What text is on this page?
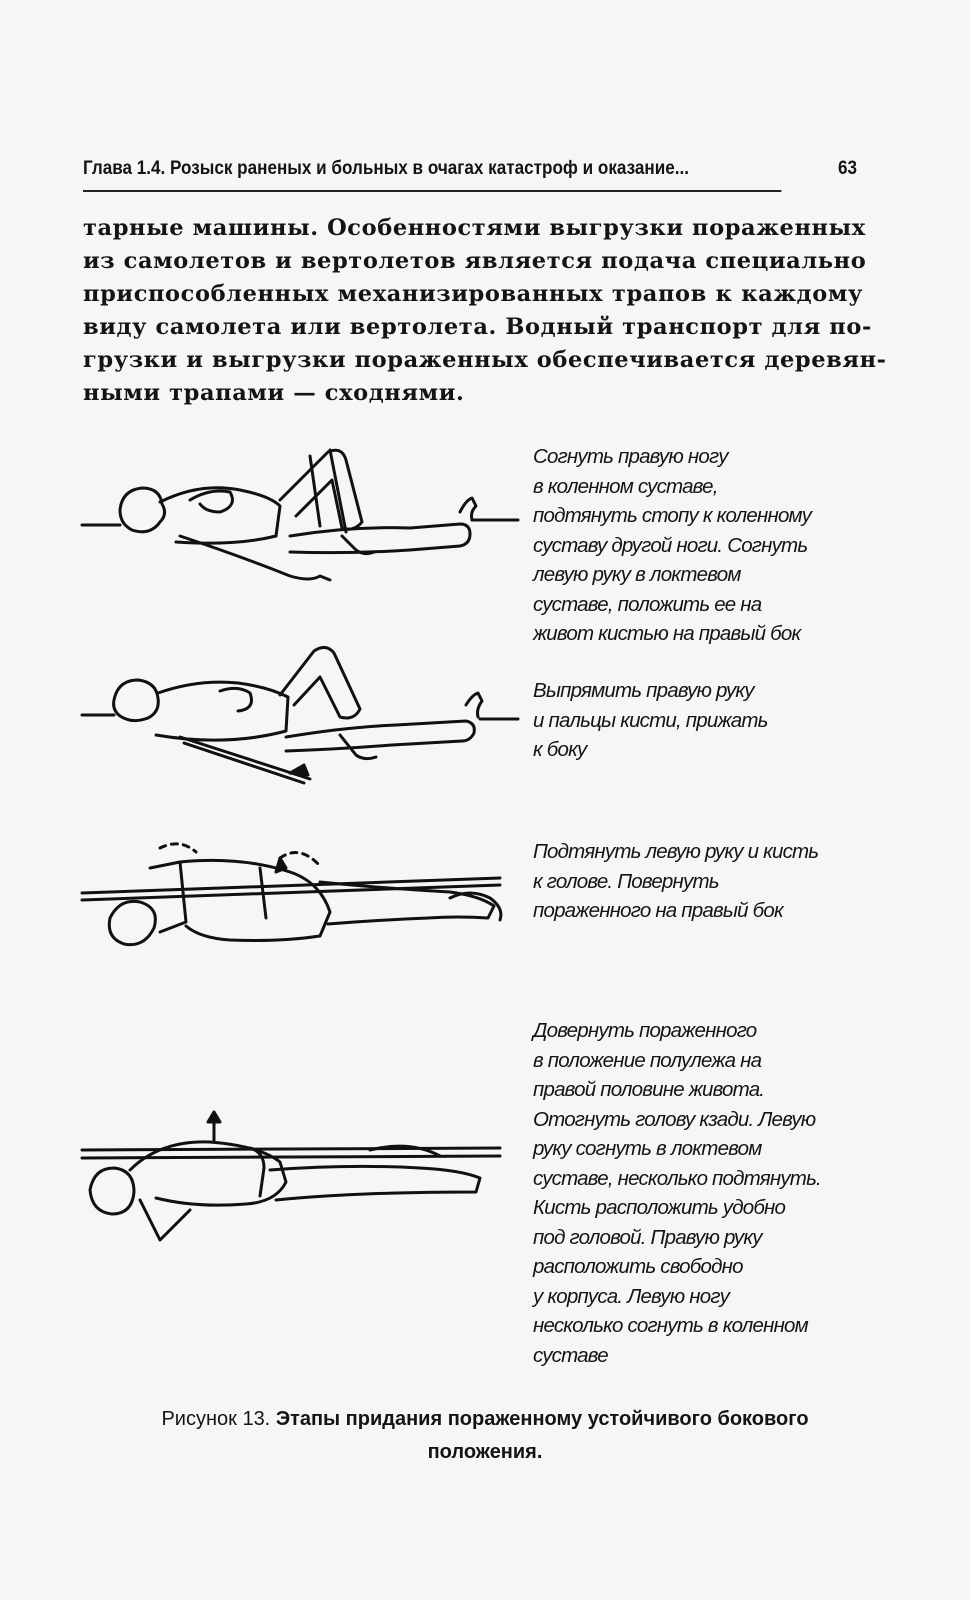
Глава 1.4. Розыск раненых и больных в очагах катастроф и оказание...	63
тарные машины. Особенностями выгрузки пораженных
из самолетов и вертолетов является подача специально
приспособленных механизированных трапов к каждому
виду самолета или вертолета. Водный транспорт для по-
грузки и выгрузки пораженных обеспечивается деревян-
ными трапами — сходнями.
Согнуть правую ногу
в коленном суставе,
подтянуть стопу к коленному
суставу другой ноги. Согнуть
левую руку в локтевом
суставе, положить ее на
живот кистью на правый бок
Выпрямить правую руку
и пальцы кисти, прижать
к боку
Подтянуть левую руку и кисть
к голове. Повернуть
пораженного на правый бок
Довернуть пораженного
в положение полулежа на
правой половине живота.
Отогнуть голову кзади. Левую
руку согнуть в локтевом
суставе, несколько подтянуть.
Кисть расположить удобно
под головой. Правую руку
расположить свободно
у корпуса. Левую ногу
несколько согнуть в коленном
суставе
Рисунок 13. Этапы придания пораженному устойчивого бокового
положения.
